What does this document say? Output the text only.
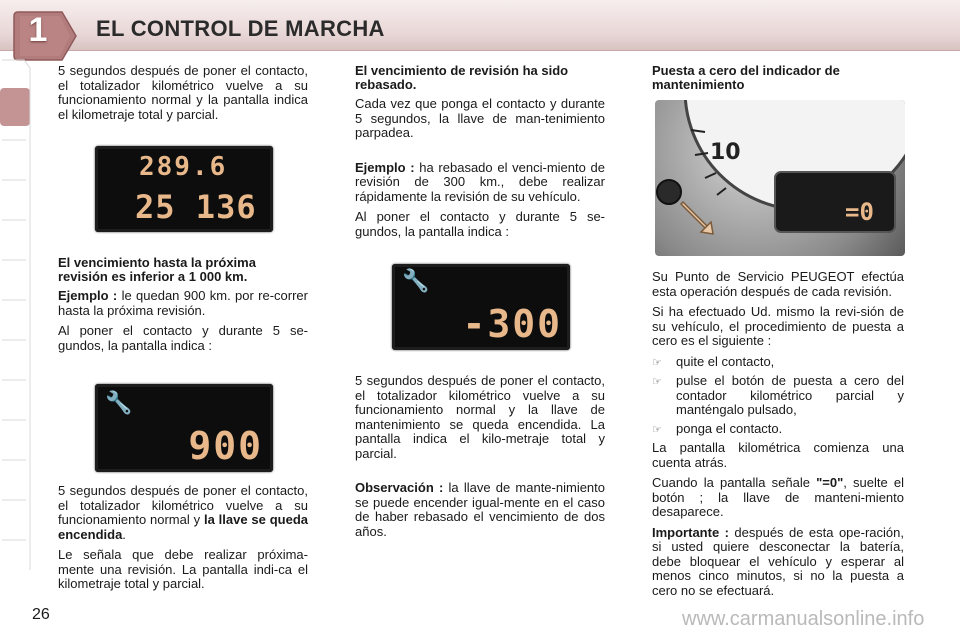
1	EL CONTROL DE MARCHA

5 segundos después de poner el contacto, el totalizador kilométrico vuelve a su funcionamiento normal y la pantalla indica el kilometraje total y parcial.

289.6
25 136
El vencimiento hasta la próxima revisión es inferior a 1 000 km.

Ejemplo : le quedan 900 km. por re-correr hasta la próxima revisión.

Al poner el contacto y durante 5 se-gundos, la pantalla indica :

🔧
900

5 segundos después de poner el contacto, el totalizador kilométrico vuelve a su funcionamiento normal y la llave se queda encendida.

Le señala que debe realizar próxima-mente una revisión. La pantalla indi-ca el kilometraje total y parcial.

El vencimiento de revisión ha sido rebasado.

Cada vez que ponga el contacto y durante 5 segundos, la llave de man-tenimiento parpadea.

Ejemplo : ha rebasado el venci-miento de revisión de 300 km., debe realizar rápidamente la revisión de su vehículo.

Al poner el contacto y durante 5 se-gundos, la pantalla indica :

🔧
-300

5 segundos después de poner el contacto, el totalizador kilométrico vuelve a su funcionamiento normal y la llave de mantenimiento se queda encendida. La pantalla indica el kilo-metraje total y parcial.

Observación : la llave de mante-nimiento se puede encender igual-mente en el caso de haber rebasado el vencimiento de dos años.

Puesta a cero del indicador de mantenimiento
10
=0

Su Punto de Servicio PEUGEOT efectúa esta operación después de cada revisión.

Si ha efectuado Ud. mismo la revi-sión de su vehículo, el procedimiento de puesta a cero es el siguiente :

☞	quite el contacto,
☞	pulse el botón de puesta a cero del contador kilométrico parcial y manténgalo pulsado,
☞	ponga el contacto.

La pantalla kilométrica comienza una cuenta atrás.

Cuando la pantalla señale "=0", suelte el botón ; la llave de manteni-miento desaparece.

Importante : después de esta ope-ración, si usted quiere desconectar la batería, debe bloquear el vehículo y esperar al menos cinco minutos, si no la puesta a cero no se efectuará.

26	www.carmanualsonline.info
